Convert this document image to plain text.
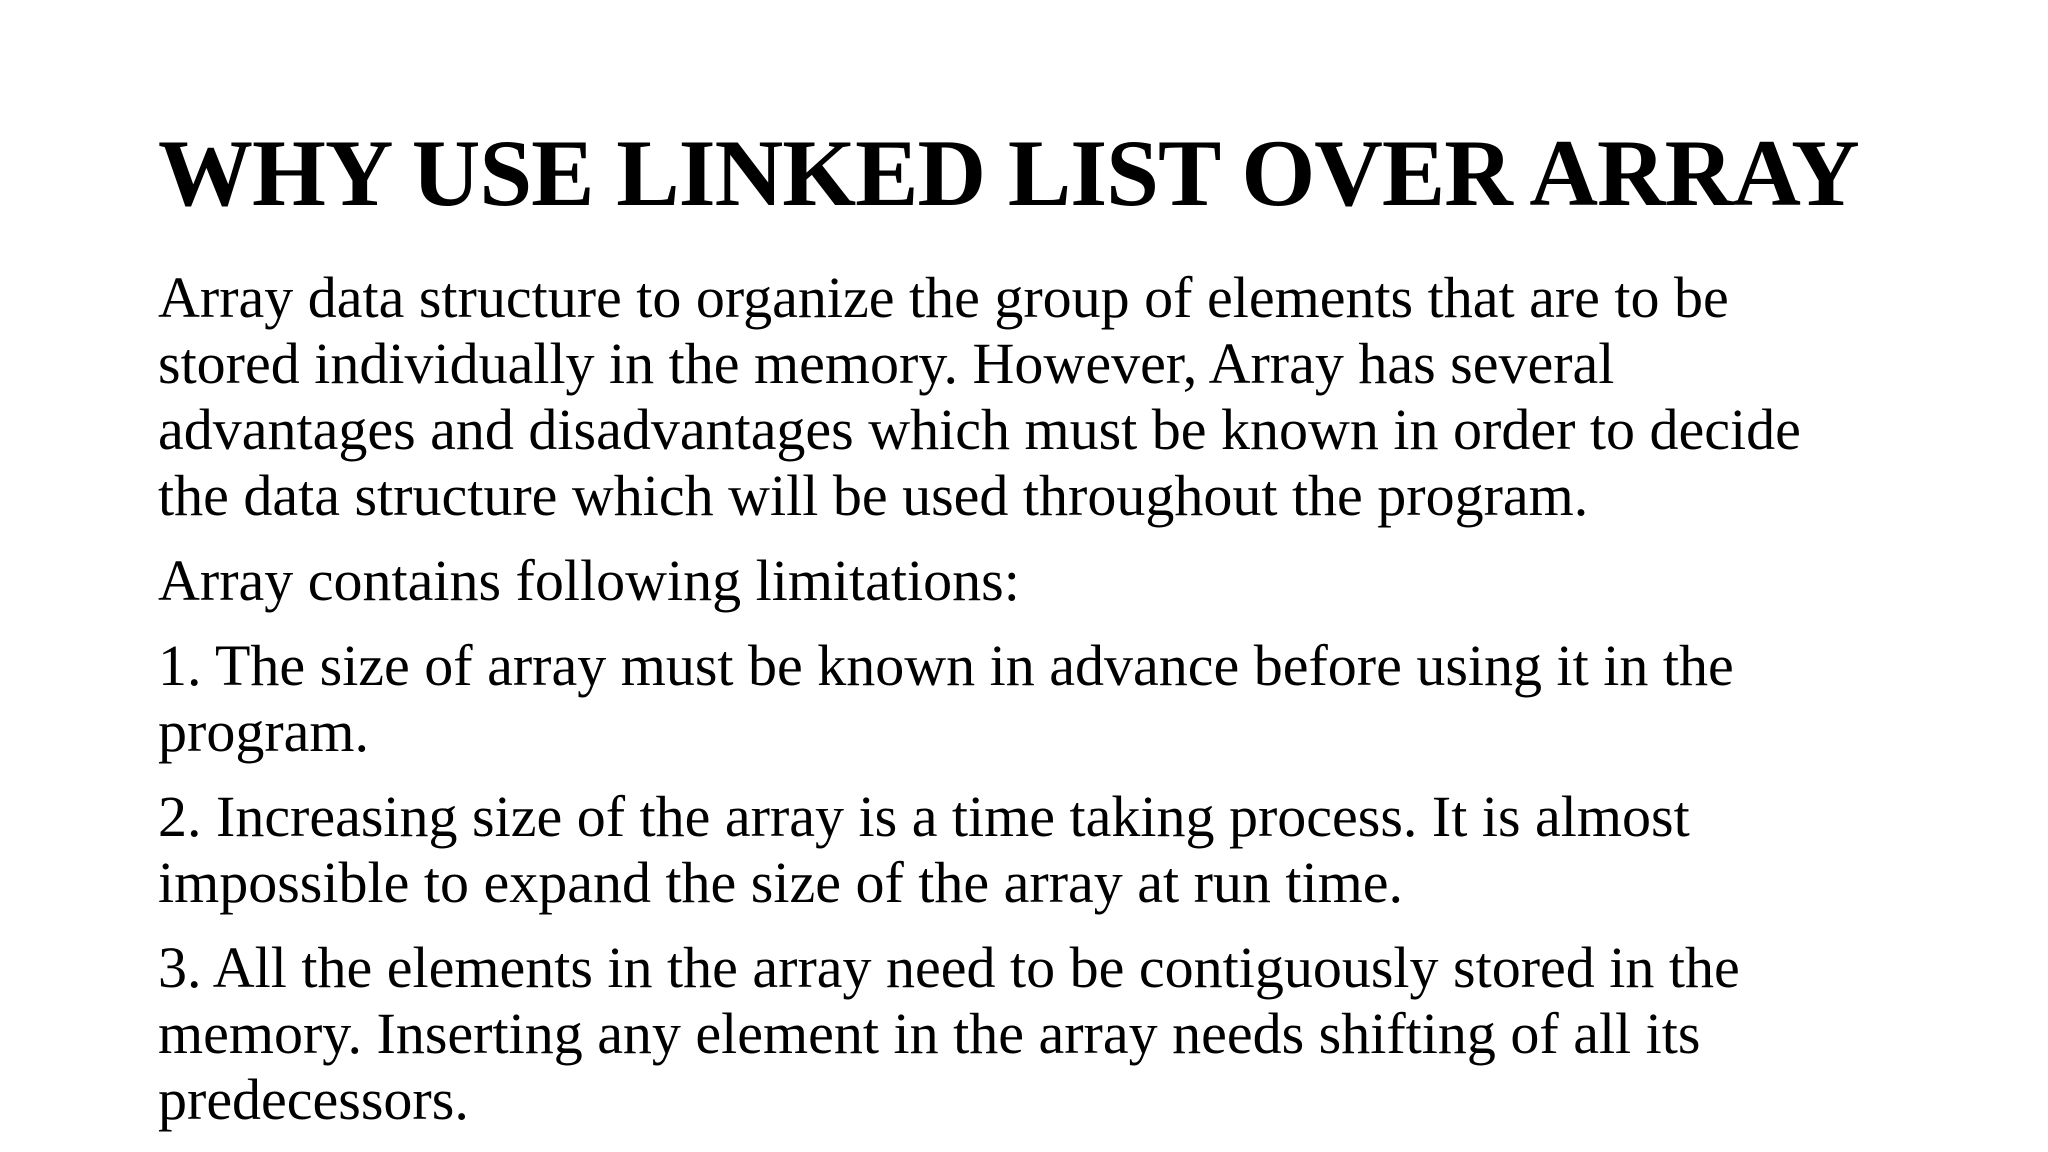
WHY USE LINKED LIST OVER ARRAY

Array data structure to organize the group of elements that are to be
stored individually in the memory. However, Array has several
advantages and disadvantages which must be known in order to decide
the data structure which will be used throughout the program.

Array contains following limitations:

1. The size of array must be known in advance before using it in the
program.

2. Increasing size of the array is a time taking process. It is almost
impossible to expand the size of the array at run time.

3. All the elements in the array need to be contiguously stored in the
memory. Inserting any element in the array needs shifting of all its
predecessors.
